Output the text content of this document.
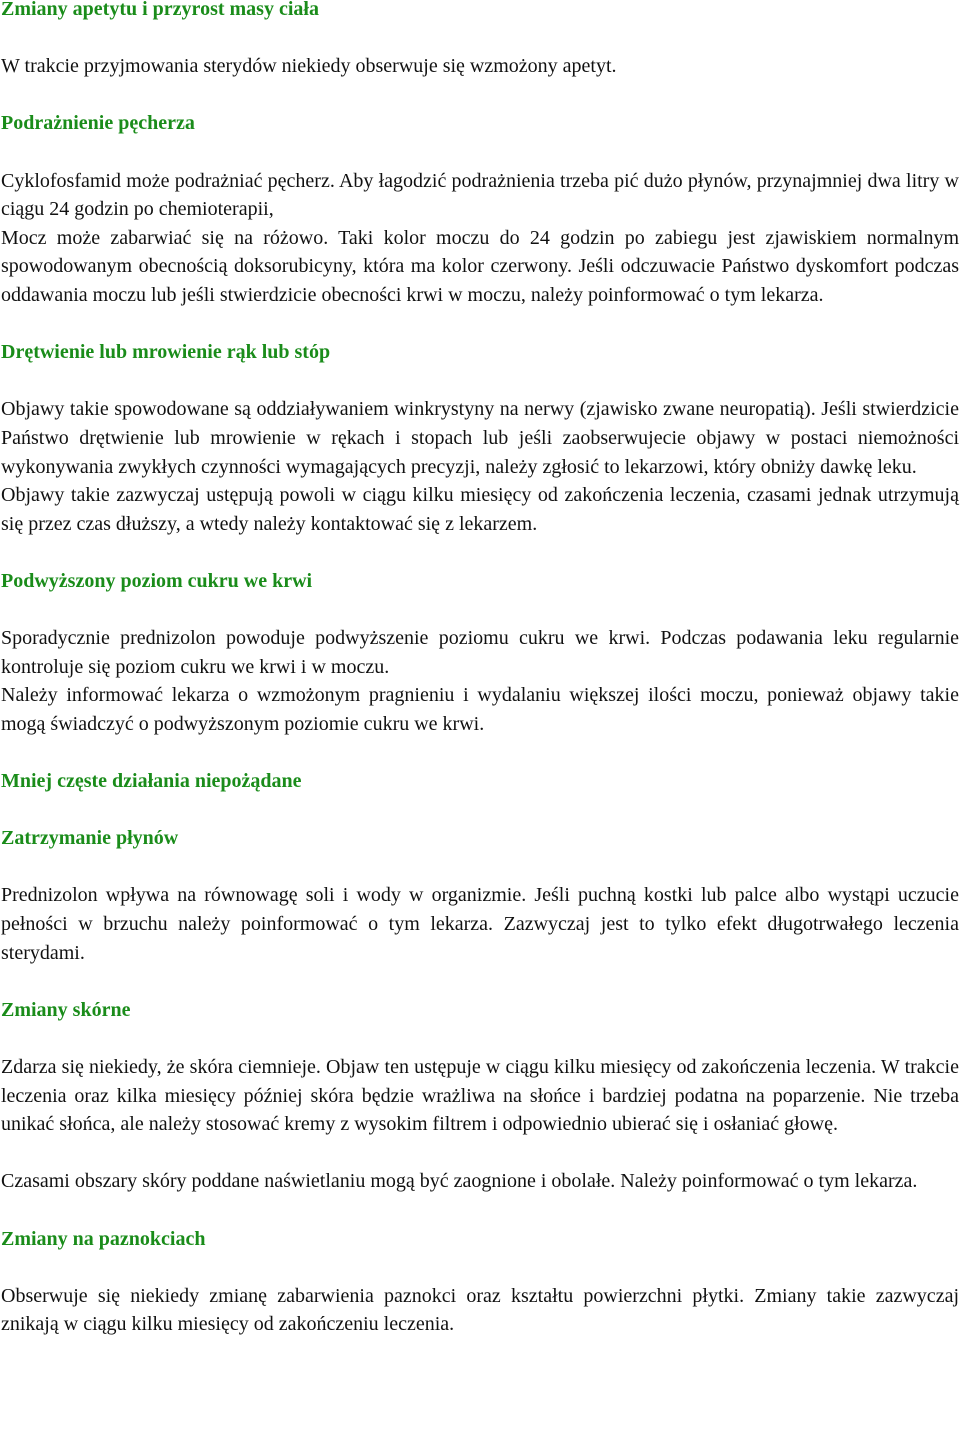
Zmiany apetytu i przyrost masy ciała

W trakcie przyjmowania sterydów niekiedy obserwuje się wzmożony apetyt.

Podrażnienie pęcherza

Cyklofosfamid może podrażniać pęcherz. Aby łagodzić podrażnienia trzeba pić dużo płynów, przynajmniej dwa litry w ciągu 24 godzin po chemioterapii,

Mocz może zabarwiać się na różowo. Taki kolor moczu do 24 godzin po zabiegu jest zjawiskiem normalnym spowodowanym obecnością doksorubicyny, która ma kolor czerwony. Jeśli odczuwacie Państwo dyskomfort podczas oddawania moczu lub jeśli stwierdzicie obecności krwi w moczu, należy poinformować o tym lekarza.

Drętwienie lub mrowienie rąk lub stóp

Objawy takie spowodowane są oddziaływaniem winkrystyny na nerwy (zjawisko zwane neuropatią). Jeśli stwierdzicie Państwo drętwienie lub mrowienie w rękach i stopach lub jeśli zaobserwujecie objawy w postaci niemożności wykonywania zwykłych czynności wymagających precyzji, należy zgłosić to lekarzowi, który obniży dawkę leku.

Objawy takie zazwyczaj ustępują powoli w ciągu kilku miesięcy od zakończenia leczenia, czasami jednak utrzymują się przez czas dłuższy, a wtedy należy kontaktować się z lekarzem.

Podwyższony poziom cukru we krwi

Sporadycznie prednizolon powoduje podwyższenie poziomu cukru we krwi. Podczas podawania leku regularnie kontroluje się poziom cukru we krwi i w moczu.

Należy informować lekarza o wzmożonym pragnieniu i wydalaniu większej ilości moczu, ponieważ objawy takie mogą świadczyć o podwyższonym poziomie cukru we krwi.

Mniej częste działania niepożądane
Zatrzymanie płynów

Prednizolon wpływa na równowagę soli i wody w organizmie. Jeśli puchną kostki lub palce albo wystąpi uczucie pełności w brzuchu należy poinformować o tym lekarza. Zazwyczaj jest to tylko efekt długotrwałego leczenia sterydami.

Zmiany skórne

Zdarza się niekiedy, że skóra ciemnieje. Objaw ten ustępuje w ciągu kilku miesięcy od zakończenia leczenia. W trakcie leczenia oraz kilka miesięcy później skóra będzie wrażliwa na słońce i bardziej podatna na poparzenie. Nie trzeba unikać słońca, ale należy stosować kremy z wysokim filtrem i odpowiednio ubierać się i osłaniać głowę.

Czasami obszary skóry poddane naświetlaniu mogą być zaognione i obolałe. Należy poinformować o tym lekarza.

Zmiany na paznokciach

Obserwuje się niekiedy zmianę zabarwienia paznokci oraz kształtu powierzchni płytki. Zmiany takie zazwyczaj znikają w ciągu kilku miesięcy od zakończeniu leczenia.
